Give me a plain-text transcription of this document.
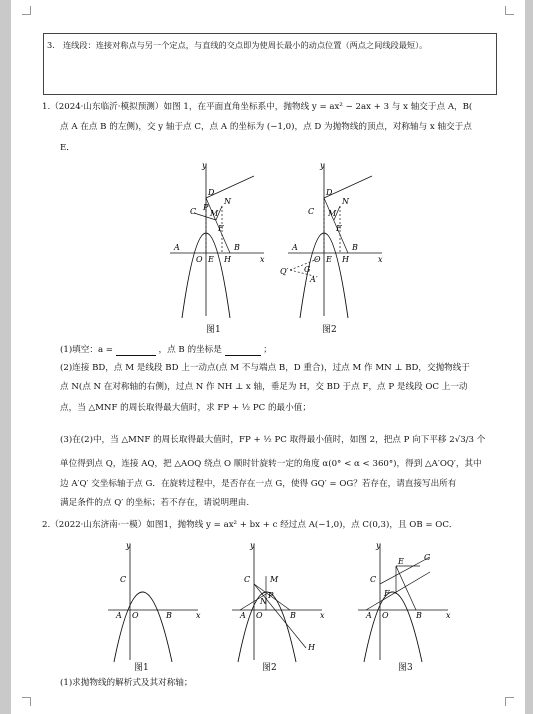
3.　连线段：连接对称点与另一个定点，与直线的交点即为使周长最小的动点位置（两点之间线段最短）。
1.（2024·山东临沂·模拟预测）如图 1，在平面直角坐标系中，抛物线 y = ax² − 2ax + 3 与 x 轴交于点 A，B(
点 A 在点 B 的左侧)，交 y 轴于点 C，点 A 的坐标为 (−1,0)，点 D 为抛物线的顶点，对称轴与 x 轴交于点
E．
y
x
O
A	B
C
D
E
F
H
P
M
N
y
x
O
A	B
C
D
E
F
H
M
N
Q′ G
A′
图1	图2
(1)填空：a =	，点 B 的坐标是	；
(2)连接 BD，点 M 是线段 BD 上一动点(点 M 不与端点 B，D 重合)，过点 M 作 MN ⊥ BD，交抛物线于
点 N(点 N 在对称轴的右侧)，过点 N 作 NH ⊥ x 轴，垂足为 H，交 BD 于点 F，点 P 是线段 OC 上一动
点，当 △MNF 的周长取得最大值时，求 FP + ½ PC 的最小值；
(3)在(2)中，当 △MNF 的周长取得最大值时，FP + ½ PC 取得最小值时，如图 2，把点 P 向下平移 2√3/3 个
单位得到点 Q，连接 AQ，把 △AOQ 绕点 O 顺时针旋转一定的角度 α(0° < α < 360°)，得到 △A′OQ′，其中
边 A′Q′ 交坐标轴于点 G．在旋转过程中，是否存在一点 G，使得 GQ′ = OG？若存在，请直接写出所有
满足条件的点 Q′ 的坐标；若不存在，请说明理由.
2.（2022·山东济南·一模）如图1，抛物线 y = ax² + bx + c 经过点 A(−1,0)，点 C(0,3)，且 OB = OC．
y
x
O
A	B
C
y
x
O
A	B
C M
P
N
H
y
x
O
A	B
C
E	G
F
图1	图2	图3
(1)求抛物线的解析式及其对称轴；
